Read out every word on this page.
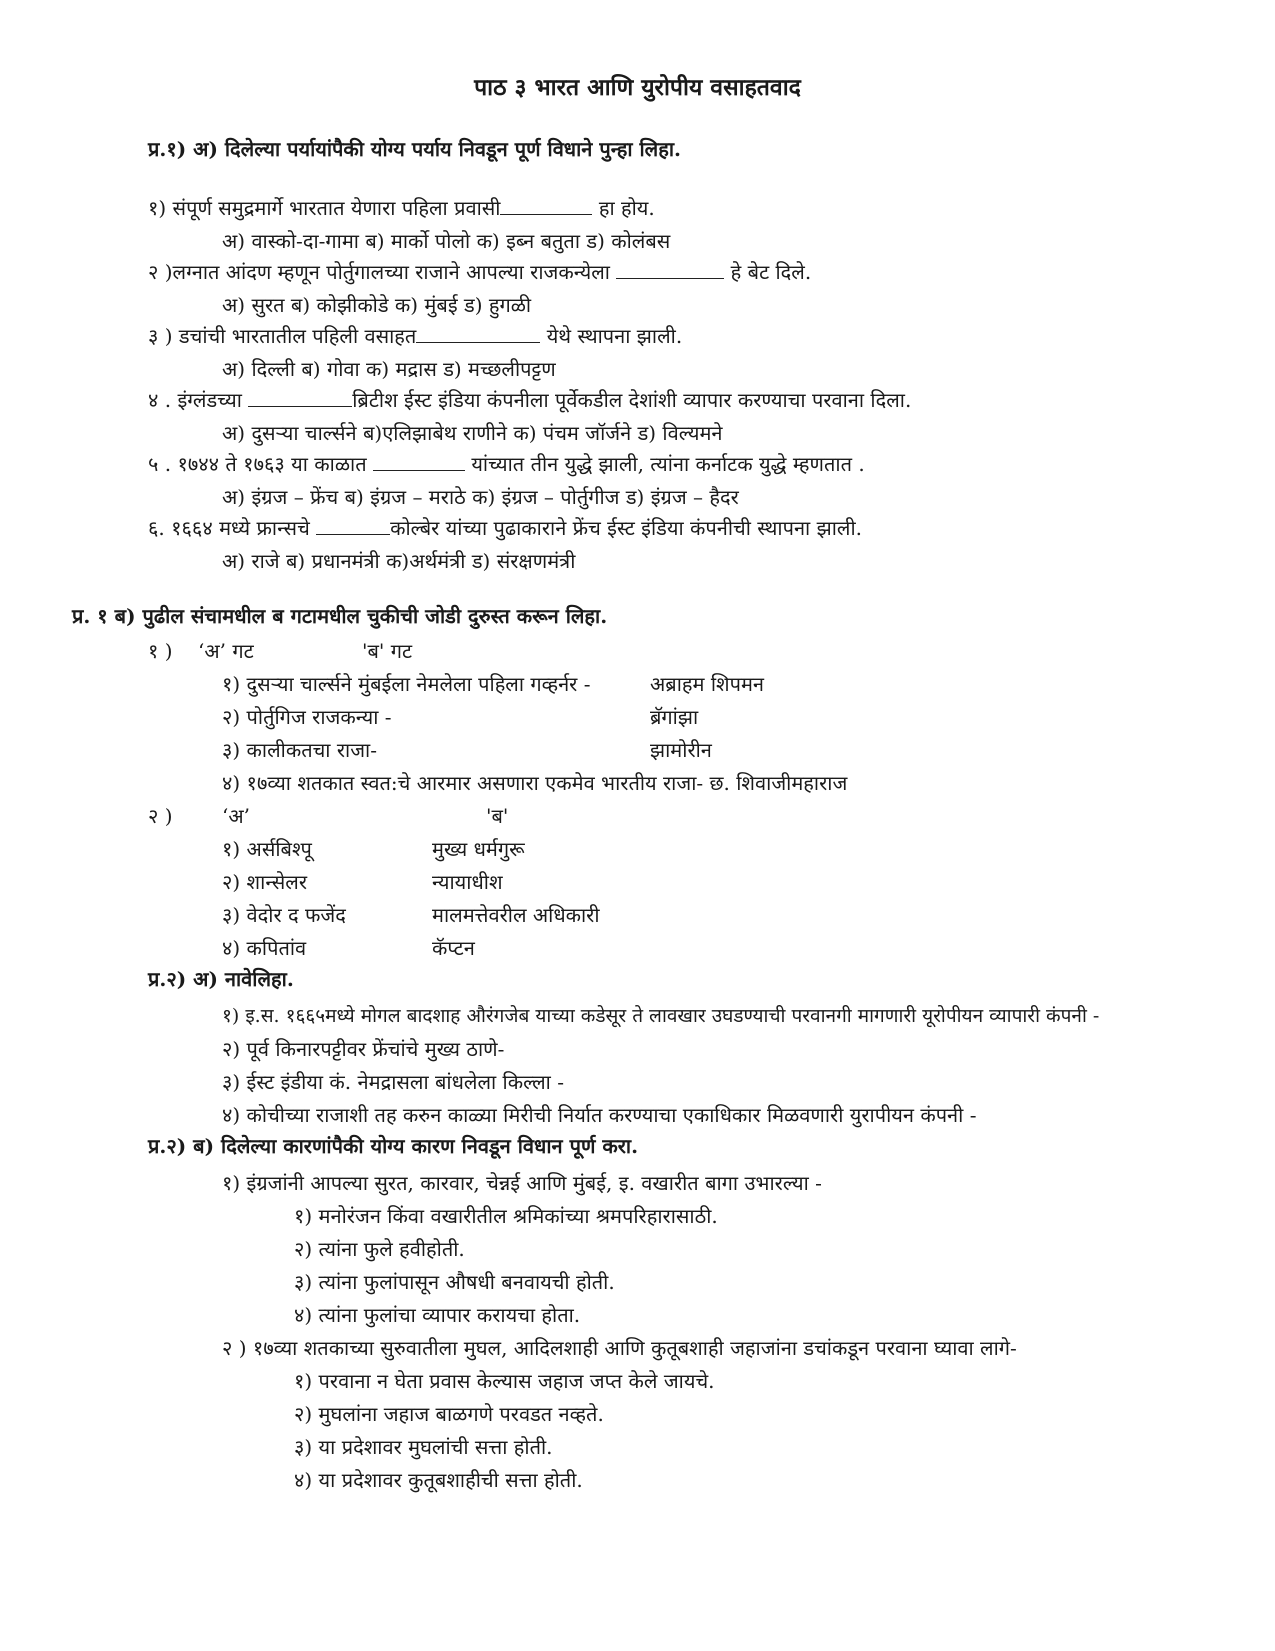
पाठ ३ भारत आणि युरोपीय वसाहतवाद
प्र.१) अ) दिलेल्या पर्यायांपैकी योग्य पर्याय निवडून पूर्ण विधाने पुन्हा लिहा.
१) संपूर्ण समुद्रमार्गे भारतात येणारा पहिला प्रवासी	हा होय.
अ) वास्को-दा-गामा ब) मार्को पोलो क) इब्न बतुता ड) कोलंबस
२ )लग्नात आंदण म्हणून पोर्तुगालच्या राजाने आपल्या राजकन्येला	हे बेट दिले.
अ) सुरत ब) कोझीकोडे क) मुंबई ड) हुगळी
३ ) डचांची भारतातील पहिली वसाहत	येथे स्थापना झाली.
अ) दिल्ली ब) गोवा क) मद्रास ड) मच्छलीपट्टण
४ . इंग्लंडच्या	ब्रिटीश ईस्ट इंडिया कंपनीला पूर्वेकडील देशांशी व्यापार करण्याचा परवाना दिला.
अ) दुसऱ्या चार्ल्सने ब)एलिझाबेथ राणीने क) पंचम जॉर्जने ड) विल्यमने
५ . १७४४ ते १७६३ या काळात	यांच्यात तीन युद्धे झाली, त्यांना कर्नाटक युद्धे म्हणतात .
अ) इंग्रज – फ्रेंच ब) इंग्रज – मराठे क) इंग्रज – पोर्तुगीज ड) इंग्रज – हैदर
६. १६६४ मध्ये फ्रान्सचे	कोल्बेर यांच्या पुढाकाराने फ्रेंच ईस्ट इंडिया कंपनीची स्थापना झाली.
अ) राजे ब) प्रधानमंत्री क)अर्थमंत्री ड) संरक्षणमंत्री
प्र. १ ब) पुढील संचामधील ब गटामधील चुकीची जोडी दुरुस्त करून लिहा.
१ ) ‘अ’ गट	'ब' गट
१) दुसऱ्या चार्ल्सने मुंबईला नेमलेला पहिला गव्हर्नर -	अब्राहम शिपमन
२) पोर्तुगिज राजकन्या -	ब्रॅगांझा
३) कालीकतचा राजा-	झामोरीन
४) १७व्या शतकात स्वत:चे आरमार असणारा एकमेव भारतीय राजा- छ. शिवाजीमहाराज
२ ) ‘अ’	'ब'
१) अर्सबिश्पू	मुख्य धर्मगुरू
२) शान्सेलर	न्यायाधीश
३) वेदोर द फजेंद	मालमत्तेवरील अधिकारी
४) कपितांव	कॅप्टन
प्र.२) अ) नावेलिहा.
१) इ.स. १६६५मध्ये मोगल बादशाह औरंगजेब याच्या कडेसूर ते लावखार उघडण्याची परवानगी मागणारी यूरोपीयन व्यापारी कंपनी -
२) पूर्व किनारपट्टीवर फ्रेंचांचे मुख्य ठाणे-
३) ईस्ट इंडीया कं. नेमद्रासला बांधलेला किल्ला -
४) कोचीच्या राजाशी तह करुन काळ्या मिरीची निर्यात करण्याचा एकाधिकार मिळवणारी युरापीयन कंपनी -
प्र.२) ब) दिलेल्या कारणांपैकी योग्य कारण निवडून विधान पूर्ण करा.
१) इंग्रजांनी आपल्या सुरत, कारवार, चेन्नई आणि मुंबई, इ. वखारीत बागा उभारल्या -
१) मनोरंजन किंवा वखारीतील श्रमिकांच्या श्रमपरिहारासाठी.
२) त्यांना फुले हवीहोती.
३) त्यांना फुलांपासून औषधी बनवायची होती.
४) त्यांना फुलांचा व्यापार करायचा होता.
२ ) १७व्या शतकाच्या सुरुवातीला मुघल, आदिलशाही आणि कुतूबशाही जहाजांना डचांकडून परवाना घ्यावा लागे-
१) परवाना न घेता प्रवास केल्यास जहाज जप्त केले जायचे.
२) मुघलांना जहाज बाळगणे परवडत नव्हते.
३) या प्रदेशावर मुघलांची सत्ता होती.
४) या प्रदेशावर कुतूबशाहीची सत्ता होती.
